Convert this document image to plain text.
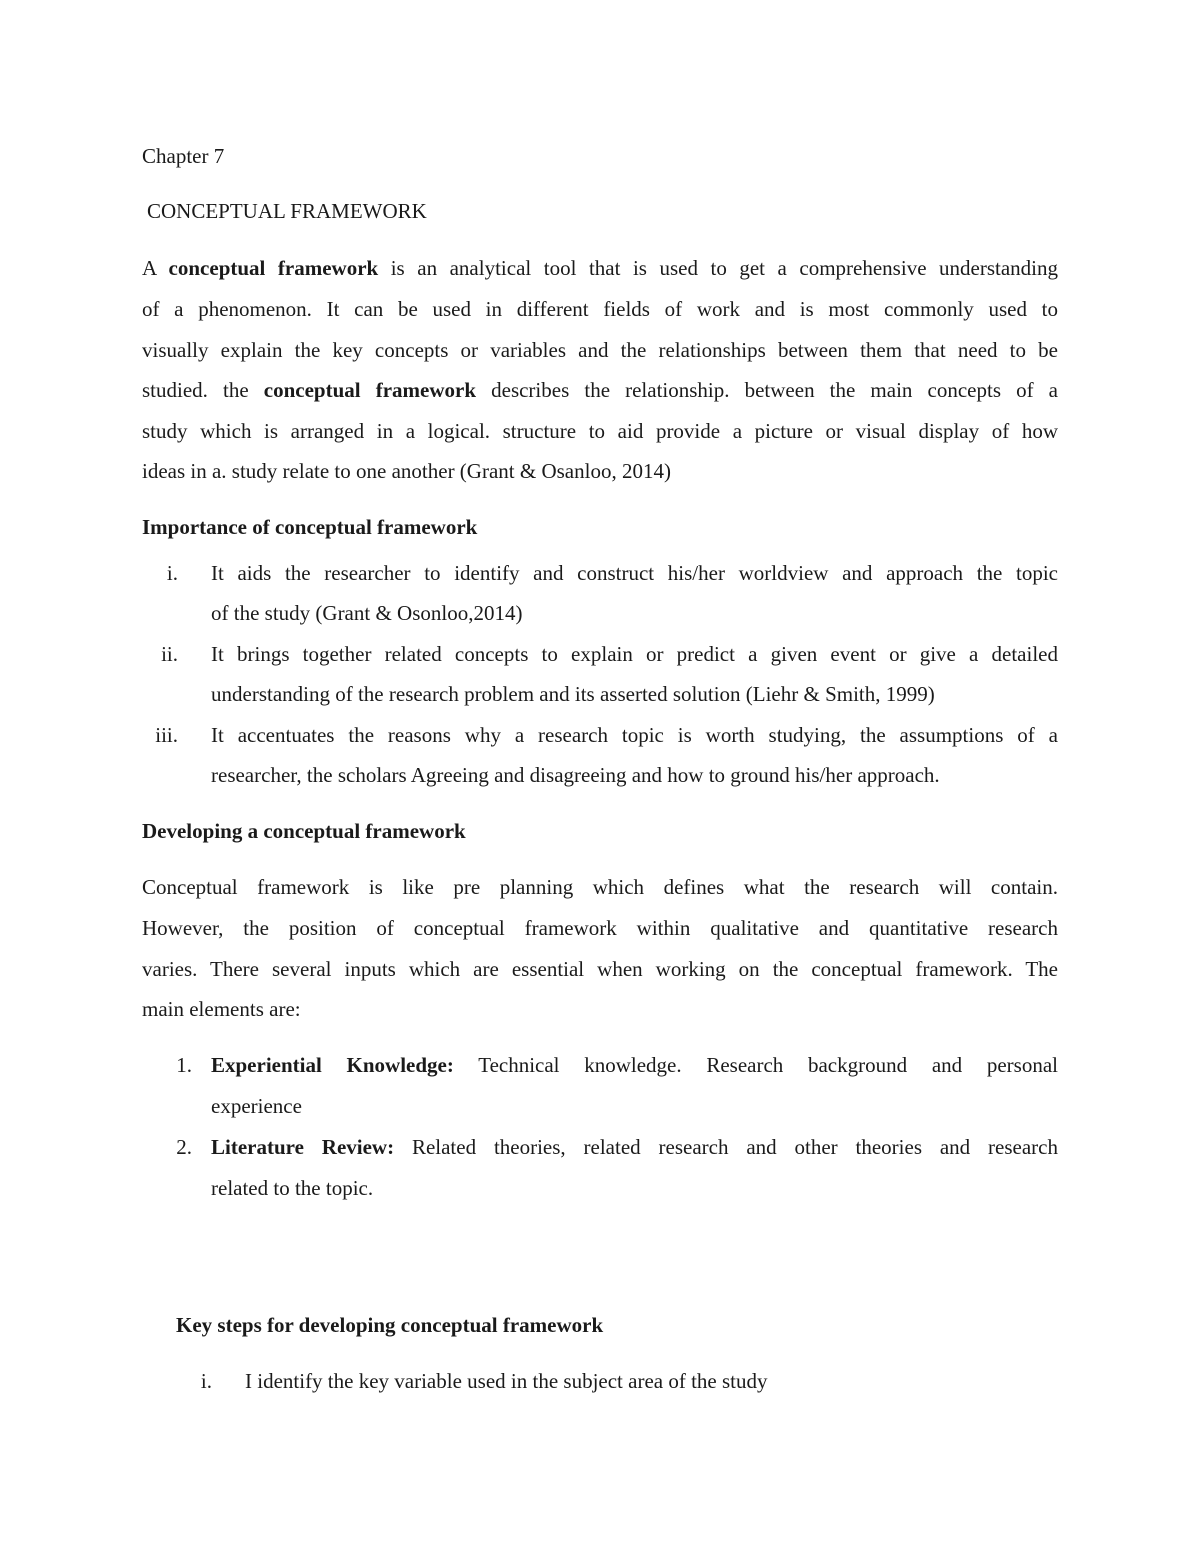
Chapter 7
CONCEPTUAL FRAMEWORK
A conceptual framework is an analytical tool that is used to get a comprehensive understanding
of a phenomenon. It can be used in different fields of work and is most commonly used to
visually explain the key concepts or variables and the relationships between them that need to be
studied. the conceptual framework describes the relationship. between the main concepts of a
study which is arranged in a logical. structure to aid provide a picture or visual display of how
ideas in a. study relate to one another (Grant & Osanloo, 2014)
Importance of conceptual framework
i. It aids the researcher to identify and construct his/her worldview and approach the topic
of the study (Grant & Osonloo,2014)
ii. It brings together related concepts to explain or predict a given event or give a detailed
understanding of the research problem and its asserted solution (Liehr & Smith, 1999)
iii. It accentuates the reasons why a research topic is worth studying, the assumptions of a
researcher, the scholars Agreeing and disagreeing and how to ground his/her approach.
Developing a conceptual framework
Conceptual framework is like pre planning which defines what the research will contain.
However, the position of conceptual framework within qualitative and quantitative research
varies. There several inputs which are essential when working on the conceptual framework. The
main elements are:
1. Experiential Knowledge: Technical knowledge. Research background and personal
experience
2. Literature Review: Related theories, related research and other theories and research
related to the topic.
Key steps for developing conceptual framework
i. I identify the key variable used in the subject area of the study
